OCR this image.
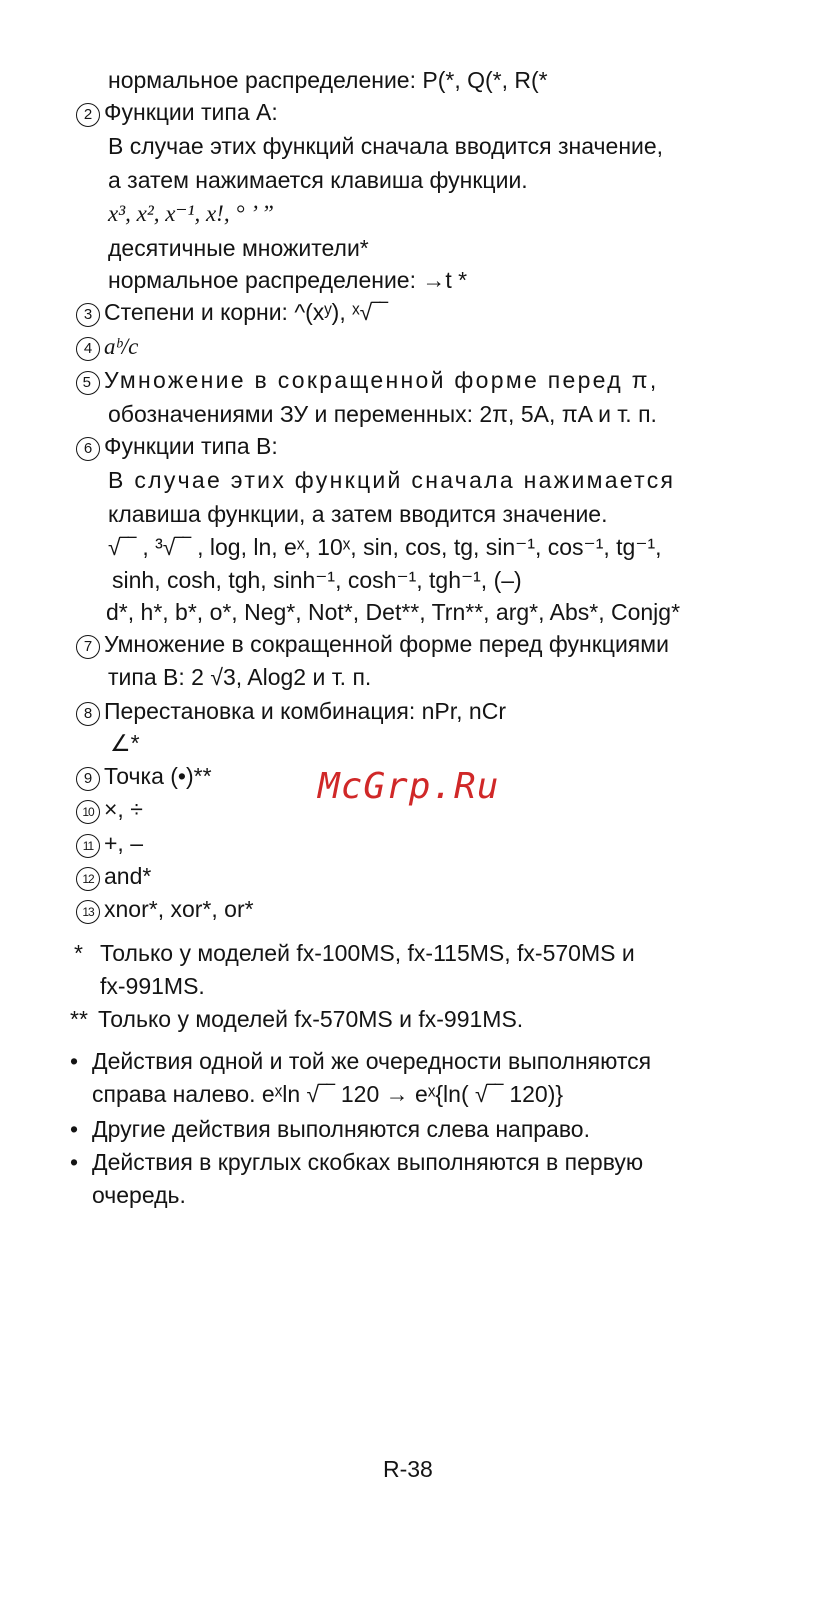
нормальное распределение: P(*, Q(*, R(*
2 Функции типа A:
В случае этих функций сначала вводится значение,
а затем нажимается клавиша функции.
x³, x², x⁻¹, x!, ° ’ ”
десятичные множители*
нормальное распределение: →t *
3 Степени и корни: ^(xʸ), ˣ√‾‾
4 aᵇ/c
5 Умножение в сокращенной форме перед π,
обозначениями ЗУ и переменных: 2π, 5A, πA и т. п.
6 Функции типа B:
В случае этих функций сначала нажимается
клавиша функции, а затем вводится значение.
√‾‾ , ³√‾‾ , log, ln, eˣ, 10ˣ, sin, cos, tg, sin⁻¹, cos⁻¹, tg⁻¹,
sinh, cosh, tgh, sinh⁻¹, cosh⁻¹, tgh⁻¹, (–)
d*, h*, b*, o*, Neg*, Not*, Det**, Trn**, arg*, Abs*, Conjg*
7 Умножение в сокращенной форме перед функциями
типа B: 2 √3, Alog2 и т. п.
8 Перестановка и комбинация: nPr, nCr
∠*
9 Точка (•)**
10 ×, ÷
11 +, –
12 and*
13 xnor*, xor*, or*
* Только у моделей fx-100MS, fx-115MS, fx-570MS и
fx-991MS.
** Только у моделей fx-570MS и fx-991MS.
• Действия одной и той же очередности выполняются
справа налево. eˣln √‾‾ 120 → eˣ{ln( √‾‾ 120)}
• Другие действия выполняются слева направо.
• Действия в круглых скобках выполняются в первую
очередь.
McGrp.Ru
R-38
